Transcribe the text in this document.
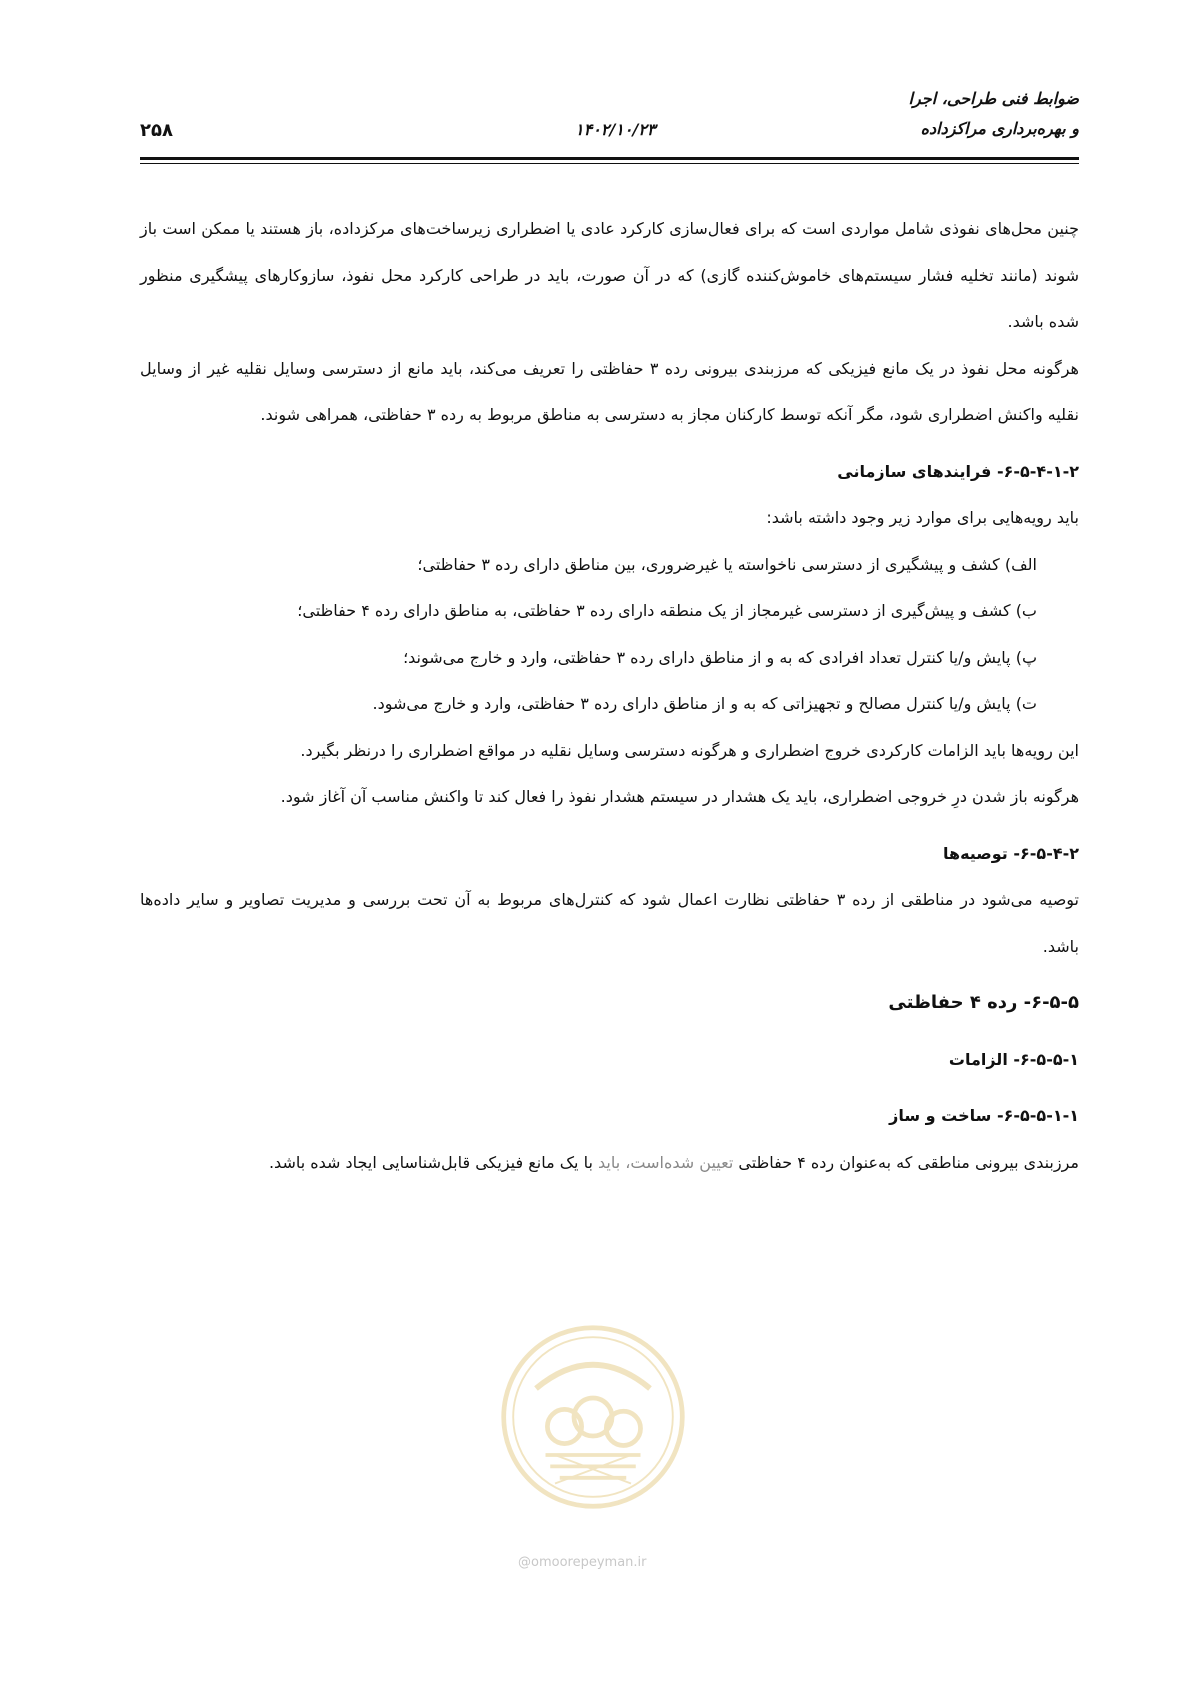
ضوابط فنی طراحی، اجرا
و بهره‌برداری مراکزداده
۱۴۰۲/۱۰/۲۳
۲۵۸

چنین محل‌های نفوذی شامل مواردی است که برای فعال‌سازی کارکرد عادی یا اضطراری زیرساخت‌های مرکزداده، باز هستند یا ممکن است باز شوند (مانند تخلیه فشار سیستم‌های خاموش‌کننده گازی) که در آن صورت، باید در طراحی کارکرد محل نفوذ، سازوکارهای پیشگیری منظور شده باشد.

هرگونه محل نفوذ در یک مانع فیزیکی که مرزبندی بیرونی رده ۳ حفاظتی را تعریف می‌کند، باید مانع از دسترسی وسایل نقلیه غیر از وسایل نقلیه واکنش اضطراری شود، مگر آنکه توسط کارکنان مجاز به دسترسی به مناطق مربوط به رده ۳ حفاظتی، همراهی شوند.

۶-۵-۴-۱-۲- فرایندهای سازمانی

باید رویه‌هایی برای موارد زیر وجود داشته باشد:

الف) کشف و پیشگیری از دسترسی ناخواسته یا غیرضروری، بین مناطق دارای رده ۳ حفاظتی؛

ب) کشف و پیش‌گیری از دسترسی غیرمجاز از یک منطقه دارای رده ۳ حفاظتی، به مناطق دارای رده ۴ حفاظتی؛

پ) پایش و/یا کنترل تعداد افرادی که به و از مناطق دارای رده ۳ حفاظتی، وارد و خارج می‌شوند؛

ت) پایش و/یا کنترل مصالح و تجهیزاتی که به و از مناطق دارای رده ۳ حفاظتی، وارد و خارج می‌شود.

این رویه‌ها باید الزامات کارکردی خروج اضطراری و هرگونه دسترسی وسایل نقلیه در مواقع اضطراری را درنظر بگیرد.

هرگونه باز شدن درِ خروجی اضطراری، باید یک هشدار در سیستم هشدار نفوذ را فعال کند تا واکنش مناسب آن آغاز شود.

۶-۵-۴-۲- توصیه‌ها

توصیه می‌شود در مناطقی از رده ۳ حفاظتی نظارت اعمال شود که کنترل‌های مربوط به آن تحت بررسی و مدیریت تصاویر و سایر داده‌ها باشد.

۶-۵-۵- رده ۴ حفاظتی

۶-۵-۵-۱- الزامات

۶-۵-۵-۱-۱- ساخت و ساز

مرزبندی بیرونی مناطقی که به‌عنوان رده ۴ حفاظتی تعیین شده‌است، باید با یک مانع فیزیکی قابل‌شناسایی ایجاد شده باشد.

@omoorepeyman.ir
